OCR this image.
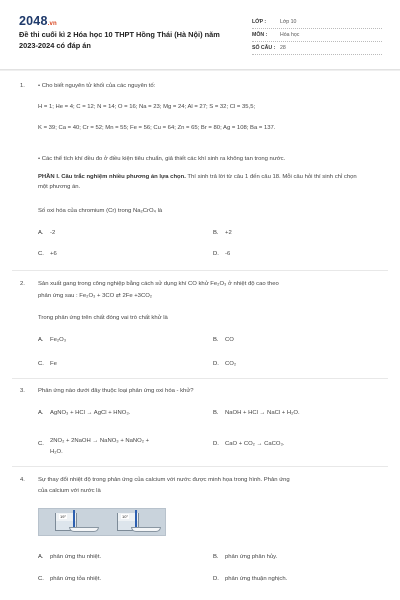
2048.vn
Đề thi cuối kì 2 Hóa học 10 THPT Hồng Thái (Hà Nội) năm 2023-2024 có đáp án
LỚP :	Lớp 10
MÔN :	Hóa học
SỐ CÂU : 28
1. • Cho biết nguyên tử khối của các nguyên tố:
H = 1; He = 4; C = 12; N = 14; O = 16; Na = 23; Mg = 24; Al = 27; S = 32; Cl = 35,5;
K = 39; Ca = 40; Cr = 52; Mn = 55; Fe = 56; Cu = 64; Zn = 65; Br = 80; Ag = 108; Ba = 137.
• Các thể tích khí đều đo ở điều kiện tiêu chuẩn, giả thiết các khí sinh ra không tan trong nước.
PHẦN I. Câu trắc nghiệm nhiều phương án lựa chọn. Thí sinh trả lời từ câu 1 đến câu 18. Mỗi câu hỏi thí sinh chỉ chọn một phương án.
Số oxi hóa của chromium (Cr) trong Na₂CrO₄ là
A. -2	B. +2
C. +6	D. -6
2. Sản xuất gang trong công nghiệp bằng cách sử dụng khí CO khử Fe₂O₃ ở nhiệt độ cao theo
phản ứng sau : Fe₂O₃ + 3CO ⇄ 2Fe +3CO₂
Trong phản ứng trên chất đóng vai trò chất khử là
A. Fe₂O₃	B. CO
C. Fe	D. CO₂
3. Phản ứng nào dưới đây thuộc loại phản ứng oxi hóa - khử?
A. AgNO₃ + HCl → AgCl + HNO₃.	B. NaOH + HCl → NaCl + H₂O.
C. 2NO₂ + 2NaOH → NaNO₃ + NaNO₂ +
H₂O.
D. CaO + CO₂ → CaCO₃.
4. Sự thay đổi nhiệt độ trong phản ứng của calcium với nước được minh họa trong hình. Phản ứng
của calcium với nước là
19°	10°
A. phản ứng thu nhiệt.	B. phản ứng phân hủy.
C. phản ứng tỏa nhiệt.	D. phản ứng thuận nghịch.
